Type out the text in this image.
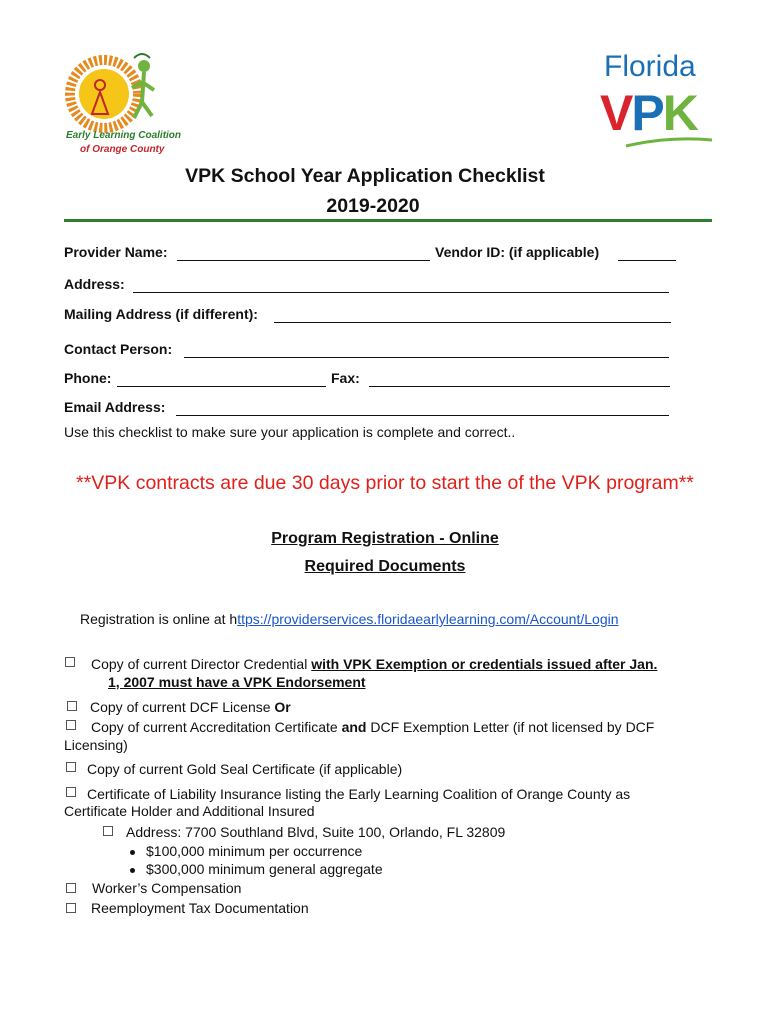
Early Learning Coalition
of Orange County
Florida
VPK
VPK School Year Application Checklist
2019-2020
Provider Name:	Vendor ID: (if applicable)
Address:
Mailing Address (if different):
Contact Person:
Phone:	Fax:
Email Address:
Use this checklist to make sure your application is complete and correct..
**VPK contracts are due 30 days prior to start the of the VPK program**
Program Registration - Online
Required Documents
Registration is online at https://providerservices.floridaearlylearning.com/Account/Login
Copy of current Director Credential with VPK Exemption or credentials issued after Jan.
1, 2007 must have a VPK Endorsement
Copy of current DCF License Or
Copy of current Accreditation Certificate and DCF Exemption Letter (if not licensed by DCF
Licensing)
Copy of current Gold Seal Certificate (if applicable)
Certificate of Liability Insurance listing the Early Learning Coalition of Orange County as
Certificate Holder and Additional Insured
Address: 7700 Southland Blvd, Suite 100, Orlando, FL 32809
$100,000 minimum per occurrence
$300,000 minimum general aggregate
Worker’s Compensation
Reemployment Tax Documentation
